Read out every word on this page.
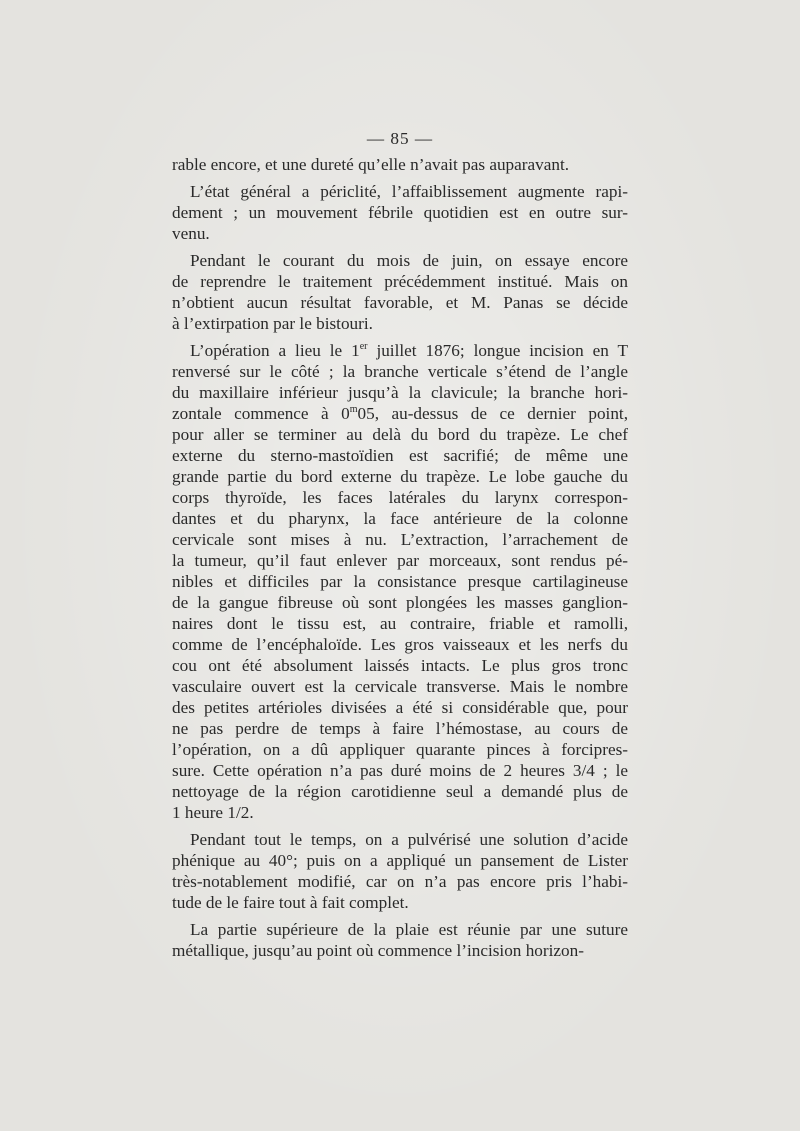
— 85 —
rable encore, et une dureté qu’elle n’avait pas auparavant.
L’état général a périclité, l’affaiblissement augmente rapi-
dement ; un mouvement fébrile quotidien est en outre sur-
venu.
Pendant le courant du mois de juin, on essaye encore
de reprendre le traitement précédemment institué. Mais on
n’obtient aucun résultat favorable, et M. Panas se décide
à l’extirpation par le bistouri.
L’opération a lieu le 1er juillet 1876; longue incision en T
renversé sur le côté ; la branche verticale s’étend de l’angle
du maxillaire inférieur jusqu’à la clavicule; la branche hori-
zontale commence à 0$^m$05, au-dessus de ce dernier point,
pour aller se terminer au delà du bord du trapèze. Le chef
externe du sterno-mastoïdien est sacrifié; de même une
grande partie du bord externe du trapèze. Le lobe gauche du
corps thyroïde, les faces latérales du larynx correspon-
dantes et du pharynx, la face antérieure de la colonne
cervicale sont mises à nu. L’extraction, l’arrachement de
la tumeur, qu’il faut enlever par morceaux, sont rendus pé-
nibles et difficiles par la consistance presque cartilagineuse
de la gangue fibreuse où sont plongées les masses ganglion-
naires dont le tissu est, au contraire, friable et ramolli,
comme de l’encéphaloïde. Les gros vaisseaux et les nerfs du
cou ont été absolument laissés intacts. Le plus gros tronc
vasculaire ouvert est la cervicale transverse. Mais le nombre
des petites artérioles divisées a été si considérable que, pour
ne pas perdre de temps à faire l’hémostase, au cours de
l’opération, on a dû appliquer quarante pinces à forcipres-
sure. Cette opération n’a pas duré moins de 2 heures 3/4 ; le
nettoyage de la région carotidienne seul a demandé plus de
1 heure 1/2.
Pendant tout le temps, on a pulvérisé une solution d’acide
phénique au 40°; puis on a appliqué un pansement de Lister
très-notablement modifié, car on n’a pas encore pris l’habi-
tude de le faire tout à fait complet.
La partie supérieure de la plaie est réunie par une suture
métallique, jusqu’au point où commence l’incision horizon-
